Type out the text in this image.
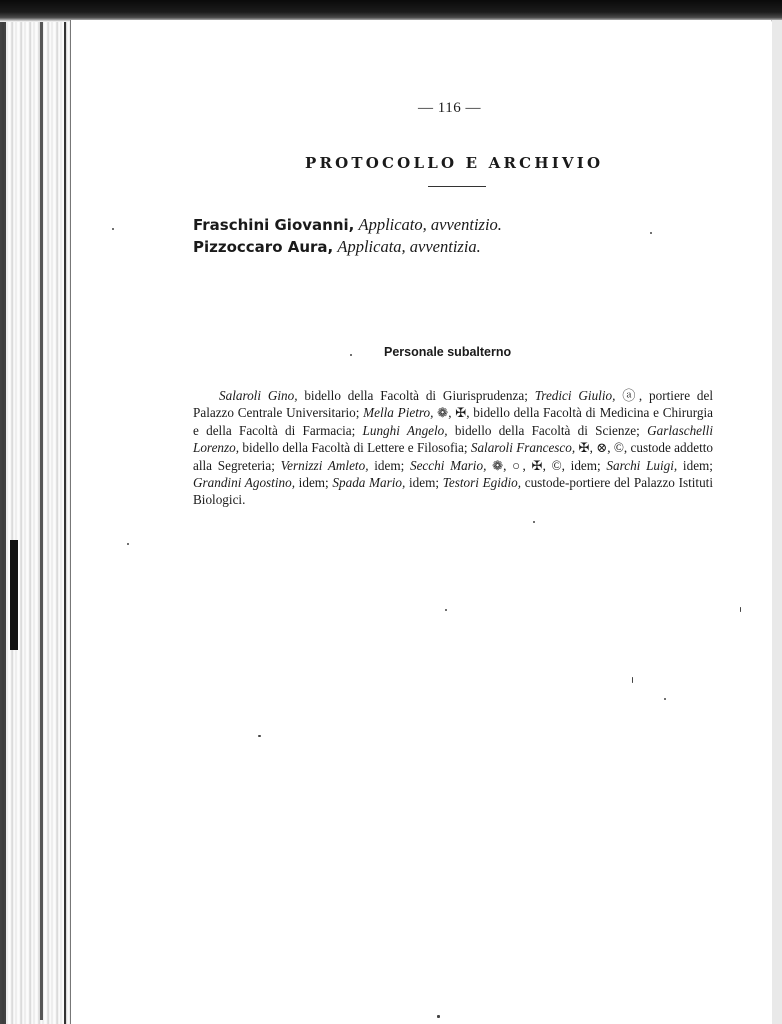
— 116 —
PROTOCOLLO E ARCHIVIO
Fraschini Giovanni, Applicato, avventizio.
Pizzoccaro Aura, Applicata, avventizia.
Personale subalterno
Salaroli Gino, bidello della Facoltà di Giurisprudenza; Tredici Giulio, ⓐ, portiere del Palazzo Centrale Universitario; Mella Pietro, ❁, ✠, bidello della Facoltà di Medicina e Chirurgia e della Facoltà di Farmacia; Lunghi Angelo, bidello della Facoltà di Scienze; Garlaschelli Lorenzo, bidello della Facoltà di Lettere e Filosofia; Salaroli Francesco, ✠, ⊗, ©, custode addetto alla Segreteria; Vernizzi Amleto, idem; Secchi Mario, ❁, ○, ✠, ©, idem; Sarchi Luigi, idem; Grandini Agostino, idem; Spada Mario, idem; Testori Egidio, custode-portiere del Palazzo Istituti Biologici.
